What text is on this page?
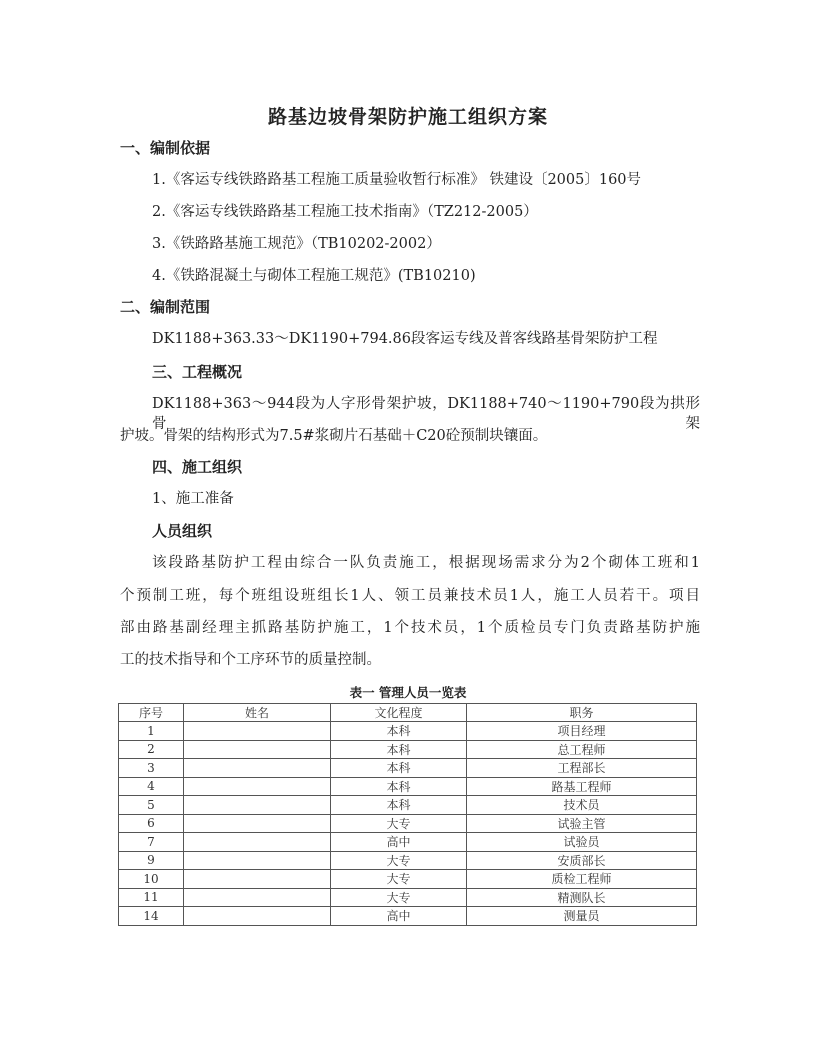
路基边坡骨架防护施工组织方案
一、编制依据
1.《客运专线铁路路基工程施工质量验收暂行标准》 铁建设〔2005〕160号
2.《客运专线铁路路基工程施工技术指南》（TZ212-2005）
3.《铁路路基施工规范》（TB10202-2002）
4.《铁路混凝土与砌体工程施工规范》(TB10210)
二、编制范围
DK1188+363.33～DK1190+794.86段客运专线及普客线路基骨架防护工程
三、工程概况
DK1188+363～944段为人字形骨架护坡，DK1188+740～1190+790段为拱形骨架
护坡。骨架的结构形式为7.5#浆砌片石基础＋C20砼预制块镶面。
四、施工组织
1、施工准备
人员组织
该段路基防护工程由综合一队负责施工，根据现场需求分为2个砌体工班和1
个预制工班，每个班组设班组长1人、领工员兼技术员1人，施工人员若干。项目
部由路基副经理主抓路基防护施工，1个技术员，1个质检员专门负责路基防护施
工的技术指导和个工序环节的质量控制。
表一 管理人员一览表
序号	姓名	文化程度	职务
1		本科	项目经理
2		本科	总工程师
3		本科	工程部长
4		本科	路基工程师
5		本科	技术员
6		大专	试验主管
7		高中	试验员
9		大专	安质部长
10		大专	质检工程师
11		大专	精测队长
14		高中	测量员
